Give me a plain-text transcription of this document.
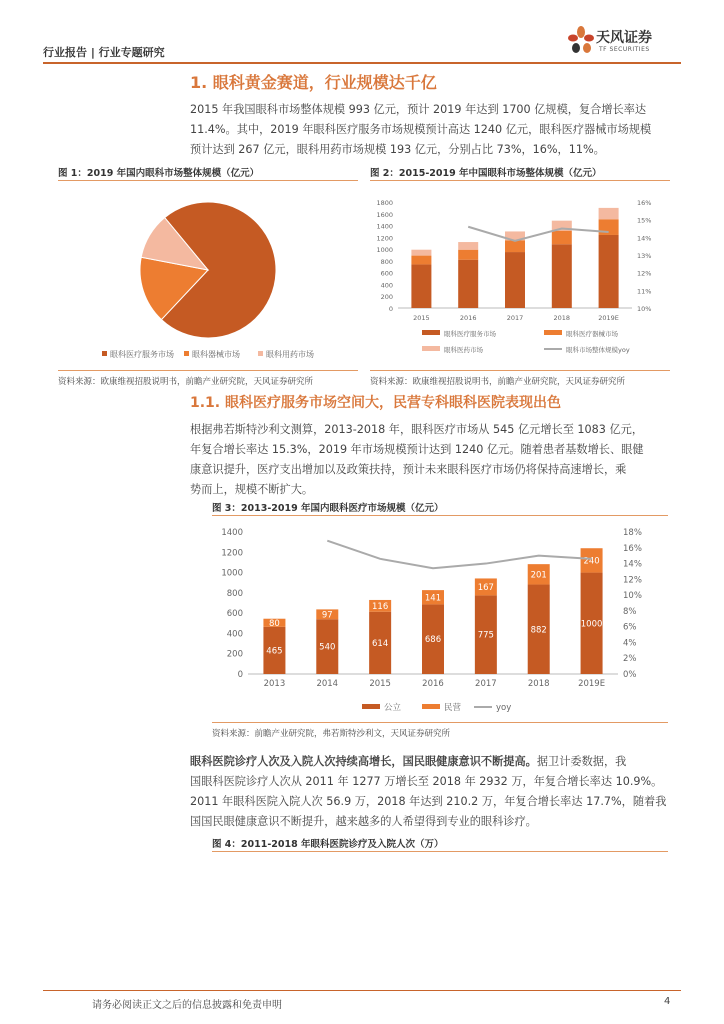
行业报告 | 行业专题研究
天风证券
TF SECURITIES
1. 眼科黄金赛道，行业规模达千亿
2015 年我国眼科市场整体规模 993 亿元，预计 2019 年达到 1700 亿规模，复合增长率达
11.4%。其中，2019 年眼科医疗服务市场规模预计高达 1240 亿元，眼科医疗器械市场规模
预计达到 267 亿元，眼科用药市场规模 193 亿元，分别占比 73%，16%，11%。
图 1：2019 年国内眼科市场整体规模（亿元）
眼科医疗服务市场 眼科器械市场	眼科用药市场
资料来源：欧康维视招股说明书，前瞻产业研究院，天风证券研究所
图 2：2015-2019 年中国眼科市场整体规模（亿元）
0
200
400
600
800
1000
1200
1400
1600
1800
10%
11%
12%
13%
14%
15%
16%
2015	2016	2017	2018	2019E
眼科医疗服务市场	眼科医疗器械市场
眼科医药市场	眼科市场整体规模yoy
资料来源：欧康维视招股说明书，前瞻产业研究院，天风证券研究所
1.1. 眼科医疗服务市场空间大，民营专科眼科医院表现出色
根据弗若斯特沙利文测算，2013-2018 年，眼科医疗市场从 545 亿元增长至 1083 亿元，
年复合增长率达 15.3%，2019 年市场规模预计达到 1240 亿元。随着患者基数增长、眼健
康意识提升，医疗支出增加以及政策扶持，预计未来眼科医疗市场仍将保持高速增长，乘
势而上，规模不断扩大。
图 3：2013-2019 年国内眼科医疗市场规模（亿元）
0
200
400
600
800
1000
1200
1400
0%
2%
4%
6%
8%
10%
12%
14%
16%
18%
465
80
2013
540
97
2014
614
116
2015
686
141
2016
775
167
2017
882
201
2018
1000
240
2019E
公立	民营	yoy
资料来源：前瞻产业研究院，弗若斯特沙利文，天风证券研究所
眼科医院诊疗人次及入院人次持续高增长，国民眼健康意识不断提高。据卫计委数据，我
国眼科医院诊疗人次从 2011 年 1277 万增长至 2018 年 2932 万，年复合增长率达 10.9%。
2011 年眼科医院入院人次 56.9 万，2018 年达到 210.2 万，年复合增长率达 17.7%，随着我
国国民眼健康意识不断提升，越来越多的人希望得到专业的眼科诊疗。
图 4：2011-2018 年眼科医院诊疗及入院人次（万）
请务必阅读正文之后的信息披露和免责申明	4
